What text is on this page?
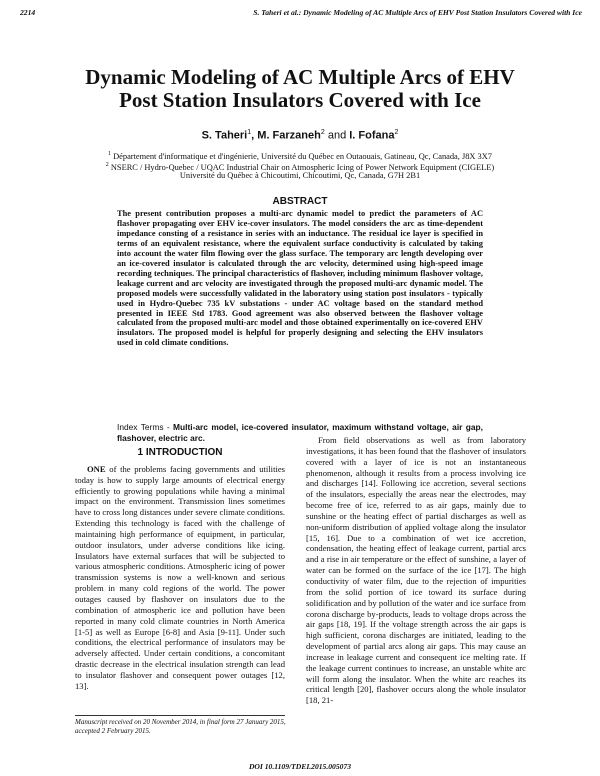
2214	S. Taheri et al.: Dynamic Modeling of AC Multiple Arcs of EHV Post Station Insulators Covered with Ice
Dynamic Modeling of AC Multiple Arcs of EHV
Post Station Insulators Covered with Ice
S. Taheri$^1$, M. Farzaneh$^2$ and I. Fofana$^2$
$^1$ Département d'informatique et d'ingénierie, Université du Québec en Outaouais, Gatineau, Qc, Canada, J8X 3X7
$^2$ NSERC / Hydro-Quebec / UQAC Industrial Chair on Atmospheric Icing of Power Network Equipment (CIGELE)
Université du Québec à Chicoutimi, Chicoutimi, Qc, Canada, G7H 2B1
ABSTRACT
The present contribution proposes a multi-arc dynamic model to predict the parameters of AC flashover propagating over EHV ice-cover insulators. The model considers the arc as time-dependent impedance consting of a resistance in series with an inductance. The residual ice layer is specified in terms of an equivalent resistance, where the equivalent surface conductivity is calculated by taking into account the water film flowing over the glass surface. The temporary arc length developing over an ice-covered insulator is calculated through the arc velocity, determined using high-speed image recording techniques. The principal characteristics of flashover, including minimum flashover voltage, leakage current and arc velocity are investigated through the proposed multi-arc dynamic model. The proposed models were successfully validated in the laboratory using station post insulators - typically used in Hydro-Quebec 735 kV substations - under AC voltage based on the standard method presented in IEEE Std 1783. Good agreement was also observed between the flashover voltage calculated from the proposed multi-arc model and those obtained experimentally on ice-covered EHV insulators. The proposed model is helpful for properly designing and selecting the EHV insulators used in cold climate conditions.
Index Terms - Multi-arc model, ice-covered insulator, maximum withstand voltage, air gap, flashover, electric arc.
1 INTRODUCTION

ONE of the problems facing governments and utilities today is how to supply large amounts of electrical energy efficiently to growing populations while having a minimal impact on the environment. Transmission lines sometimes have to cross long distances under severe climate conditions. Extending this technology is faced with the challenge of maintaining high performance of equipment, in particular, outdoor insulators, under adverse conditions like icing. Insulators have external surfaces that will be subjected to various atmospheric conditions. Atmospheric icing of power transmission systems is now a well-known and serious problem in many cold regions of the world. The power outages caused by flashover on insulators due to the combination of atmospheric ice and pollution have been reported in many cold climate countries in North America [1-5] as well as Europe [6-8] and Asia [9-11]. Under such conditions, the electrical performance of insulators may be adversely affected. Under certain conditions, a concomitant drastic decrease in the electrical insulation strength can lead to insulator flashover and consequent power outages [12, 13].

From field observations as well as from laboratory investigations, it has been found that the flashover of insulators covered with a layer of ice is not an instantaneous phenomenon, although it results from a process involving ice and discharges [14]. Following ice accretion, several sections of the insulators, especially the areas near the electrodes, may become free of ice, referred to as air gaps, mainly due to sunshine or the heating effect of partial discharges as well as non-uniform distribution of applied voltage along the insulator [15, 16]. Due to a combination of wet ice accretion, condensation, the heating effect of leakage current, partial arcs and a rise in air temperature or the effect of sunshine, a layer of water can be formed on the surface of the ice [17]. The high conductivity of water film, due to the rejection of impurities from the solid portion of ice toward its surface during solidification and by pollution of the water and ice surface from corona discharge by-products, leads to voltage drops across the air gaps [18, 19]. If the voltage strength across the air gaps is high sufficient, corona discharges are initiated, leading to the development of partial arcs along air gaps. This may cause an increase in leakage current and consequent ice melting rate. If the leakage current continues to increase, an unstable white arc will form along the insulator. When the white arc reaches its critical length [20], flashover occurs along the whole insulator [18, 21-

Manuscript received on 20 November 2014, in final form 27 January 2015,
accepted 2 February 2015.
DOI 10.1109/TDEI.2015.005073
